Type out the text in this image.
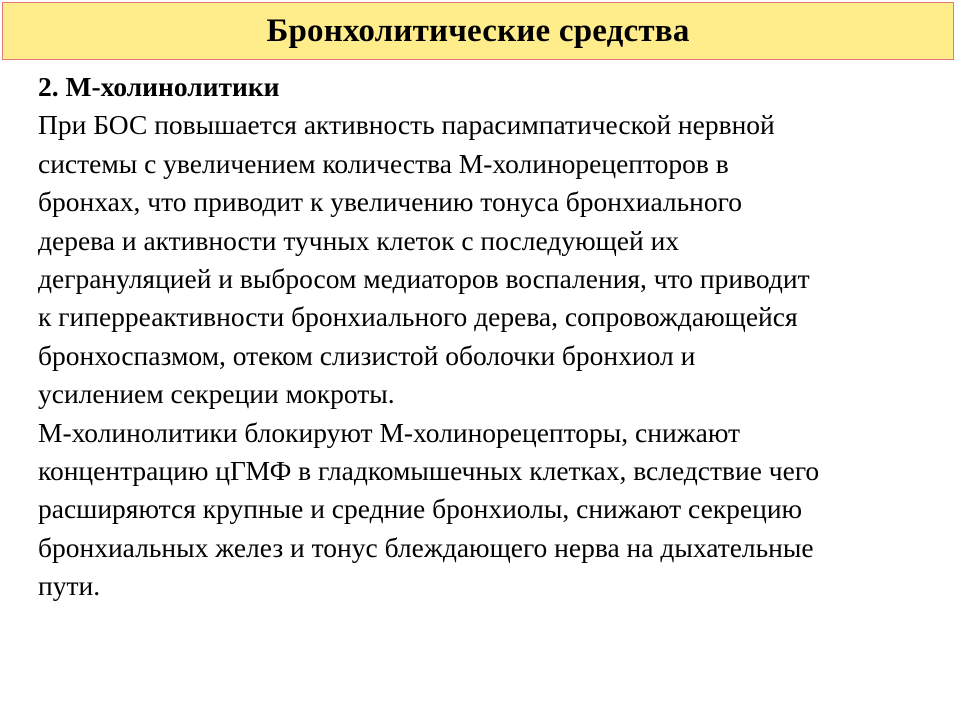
Бронхолитические средства
2. М-холинолитики
При БОС повышается активность парасимпатической нервной
системы с увеличением количества М-холинорецепторов в
бронхах, что приводит к увеличению тонуса бронхиального
дерева и активности тучных клеток с последующей их
дегрануляцией и выбросом медиаторов воспаления, что приводит
к гиперреактивности бронхиального дерева, сопровождающейся
бронхоспазмом, отеком слизистой оболочки бронхиол и
усилением секреции мокроты.
М-холинолитики блокируют М-холинорецепторы, снижают
концентрацию цГМФ в гладкомышечных клетках, вследствие чего
расширяются крупные и средние бронхиолы, снижают секрецию
бронхиальных желез и тонус блеждающего нерва на дыхательные
пути.
